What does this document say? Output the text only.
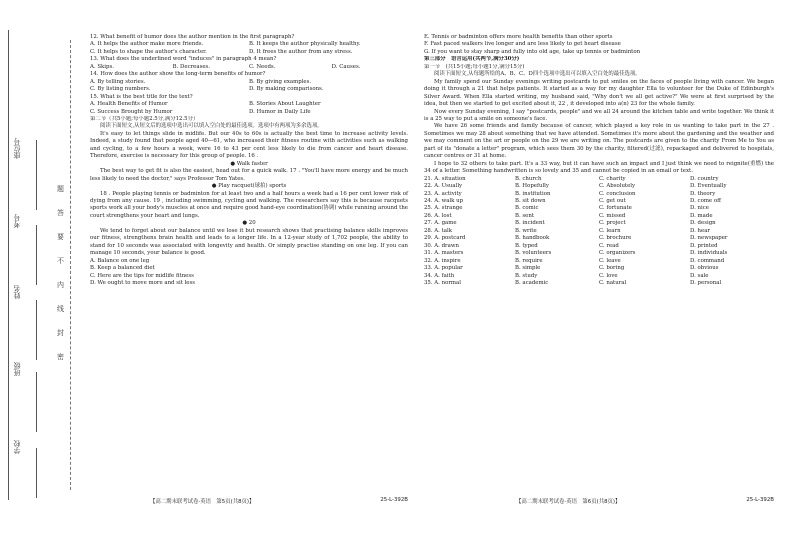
学校
班级
姓名
考号
座位号
密
封
线
内
不
要
答
题
12. What benefit of humor does the author mention in the first paragraph?
A. It helps the author make more friends.	B. It keeps the author physically healthy.
C. It helps to shape the author's character.	D. It frees the author from any stress.
13. What does the underlined word "induces" in paragraph 4 mean?
A. Skips.	B. Decreases.	C. Needs.	D. Causes.
14. How does the author show the long-term benefits of humor?
A. By telling stories.	B. By giving examples.
C. By listing numbers.	D. By making comparisons.
15. What is the best title for the text?
A. Health Benefits of Humor	B. Stories About Laughter
C. Success Brought by Humor	D. Humor in Daily Life
第二节（共5小题;每小题2.5分,满分12.5分）
阅读下面短文,从短文后的选项中选出可以填入空白处的最佳选项。选项中有两项为多余选项。
It's easy to let things slide in midlife. But our 40s to 60s is actually the best time to increase activity levels. Indeed, a study found that people aged 40—61, who increased their fitness routine with activities such as walking and cycling, to a few hours a week, were 16 to 43 per cent less likely to die from cancer and heart disease. Therefore, exercise is necessary for this group of people. 16 .
● Walk faster
The best way to get fit is also the easiest, head out for a quick walk. 17 . "You'll have more energy and be much less likely to need the doctor," says Professor Tom Yates.
● Play racquet(球拍) sports
18 . People playing tennis or badminton for at least two and a half hours a week had a 16 per cent lower risk of dying from any cause. 19 , including swimming, cycling and walking. The researchers say this is because racquets sports work all your body's muscles at once and require good hand-eye coordination(协调) while running around the court strengthens your heart and lungs.
● 20
We tend to forget about our balance until we lose it but research shows that practising balance skills improves our fitness, strengthens brain health and leads to a longer life. In a 12-year study of 1,702 people, the ability to stand for 10 seconds was associated with longevity and health. Or simply practise standing on one leg. If you can manage 10 seconds, your balance is good.
A. Balance on one leg
B. Keep a balanced diet
C. Here are the tips for midlife fitness
D. We ought to move more and sit less
E. Tennis or badminton offers more health benefits than other sports
F. Fast paced walkers live longer and are less likely to get heart disease
G. If you want to stay sharp and fully into old age, take up tennis or badminton
第三部分　语言运用(共两节,满分30分)
第一节　(共15小题;每小题1分,满分15分)
阅读下面短文,从每题所给的A、B、C、D四个选项中选出可以填入空白处的最佳选项。
My family spend our Sunday evenings writing postcards to put smiles on the faces of people living with cancer. We began doing it through a 21 that helps patients. It started as a way for my daughter Ella to volunteer for the Duke of Edinburgh's Silver Award. When Ella started writing, my husband said, "Why don't we all get active?" We were at first surprised by the idea, but then we started to get excited about it, 22 , it developed into a(n) 23 for the whole family.
Now every Sunday evening, I say "postcards, people" and we all 24 around the kitchen table and write together. We think it is a 25 way to put a smile on someone's face.
We have 26 some friends and family because of cancer, which played a key role in us wanting to take part in the 27 . Sometimes we may 28 about something that we have attended. Sometimes it's more about the gardening and the weather and we may comment on the art or people on the 29 we are writing on. The postcards are given to the charity From Me to You as part of its "donate a letter" program, which sees them 30 by the charity, filtered(过滤), repackaged and delivered to hospitals, cancer centres or 31 at home.
I hope to 32 others to take part. It's a 33 way, but it can have such an impact and I just think we need to reignite(重燃) the 34 of a letter. Something handwritten is so lovely and 35 and cannot be copied in an email or text.
21. A. situation	B. church	C. charity	D. country
22. A. Usually	B. Hopefully	C. Absolutely	D. Eventually
23. A. activity	B. institution	C. conclusion	D. theory
24. A. walk up	B. sit down	C. get out	D. come off
25. A. strange	B. comic	C. fortunate	D. nice
26. A. lost	B. sent	C. missed	D. made
27. A. game	B. incident	C. project	D. design
28. A. talk	B. write	C. learn	D. hear
29. A. postcard	B. handbook	C. brochure	D. newspaper
30. A. drawn	B. typed	C. read	D. printed
31. A. masters	B. volunteers	C. organizers	D. individuals
32. A. inspire	B. require	C. leave	D. command
33. A. popular	B. simple	C. boring	D. obvious
34. A. faith	B. study	C. love	D. sale
35. A. normal	B. academic	C. natural	D. personal
【高二期末联考试卷·英语　第5页(共8页)】	25-L-392B	【高二期末联考试卷·英语　第6页(共8页)】	25-L-392B
